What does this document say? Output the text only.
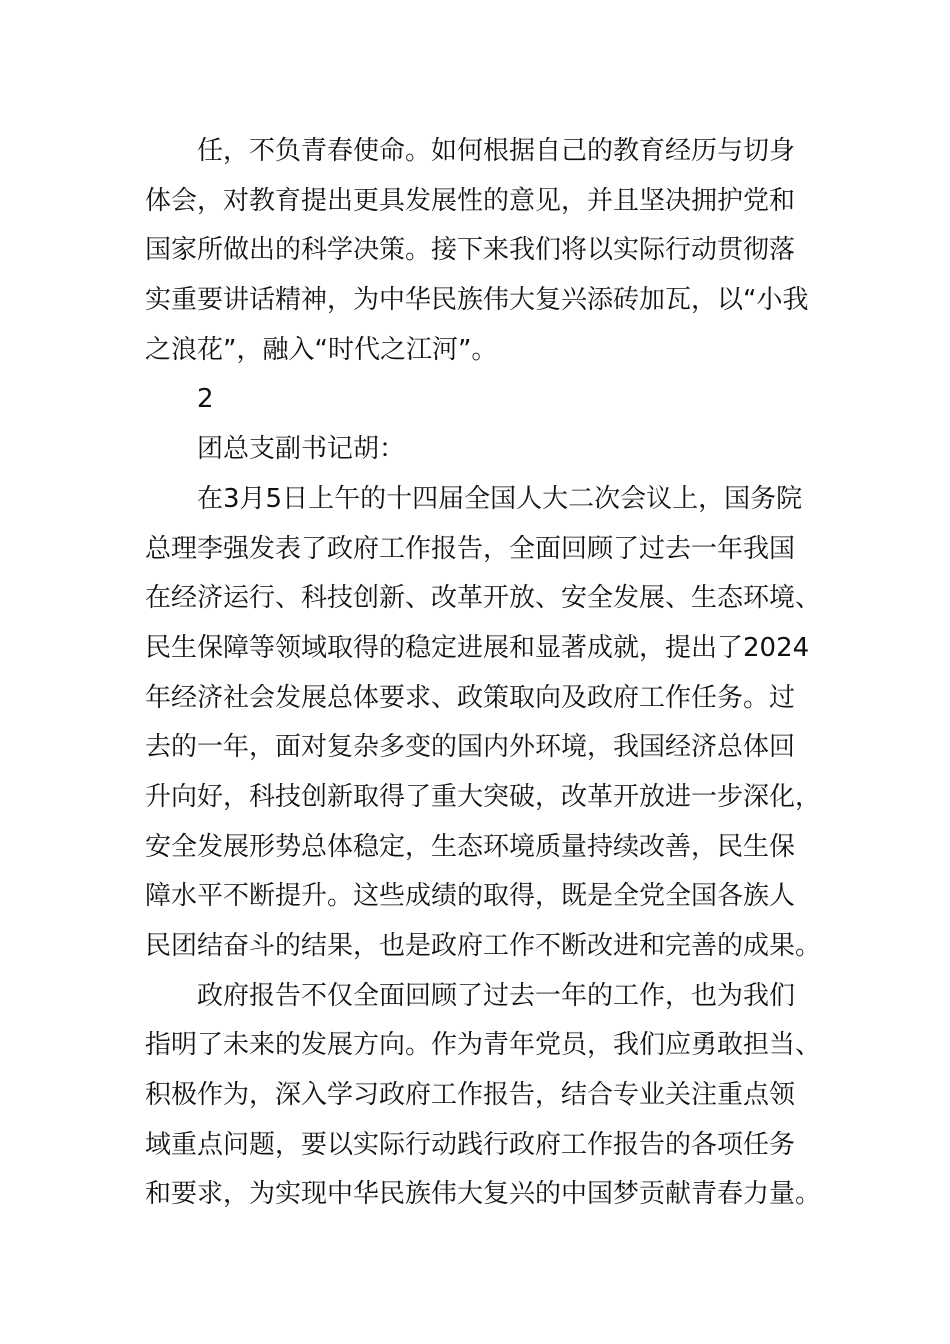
任，不负青春使命。如何根据自己的教育经历与切身
体会，对教育提出更具发展性的意见，并且坚决拥护党和
国家所做出的科学决策。接下来我们将以实际行动贯彻落
实重要讲话精神，为中华民族伟大复兴添砖加瓦，以“小我
之浪花”，融入“时代之江河”。
2
团总支副书记胡：
在3月5日上午的十四届全国人大二次会议上，国务院
总理李强发表了政府工作报告，全面回顾了过去一年我国
在经济运行、科技创新、改革开放、安全发展、生态环境、
民生保障等领域取得的稳定进展和显著成就，提出了2024
年经济社会发展总体要求、政策取向及政府工作任务。过
去的一年，面对复杂多变的国内外环境，我国经济总体回
升向好，科技创新取得了重大突破，改革开放进一步深化，
安全发展形势总体稳定，生态环境质量持续改善，民生保
障水平不断提升。这些成绩的取得，既是全党全国各族人
民团结奋斗的结果，也是政府工作不断改进和完善的成果。
政府报告不仅全面回顾了过去一年的工作，也为我们
指明了未来的发展方向。作为青年党员，我们应勇敢担当、
积极作为，深入学习政府工作报告，结合专业关注重点领
域重点问题，要以实际行动践行政府工作报告的各项任务
和要求，为实现中华民族伟大复兴的中国梦贡献青春力量。
